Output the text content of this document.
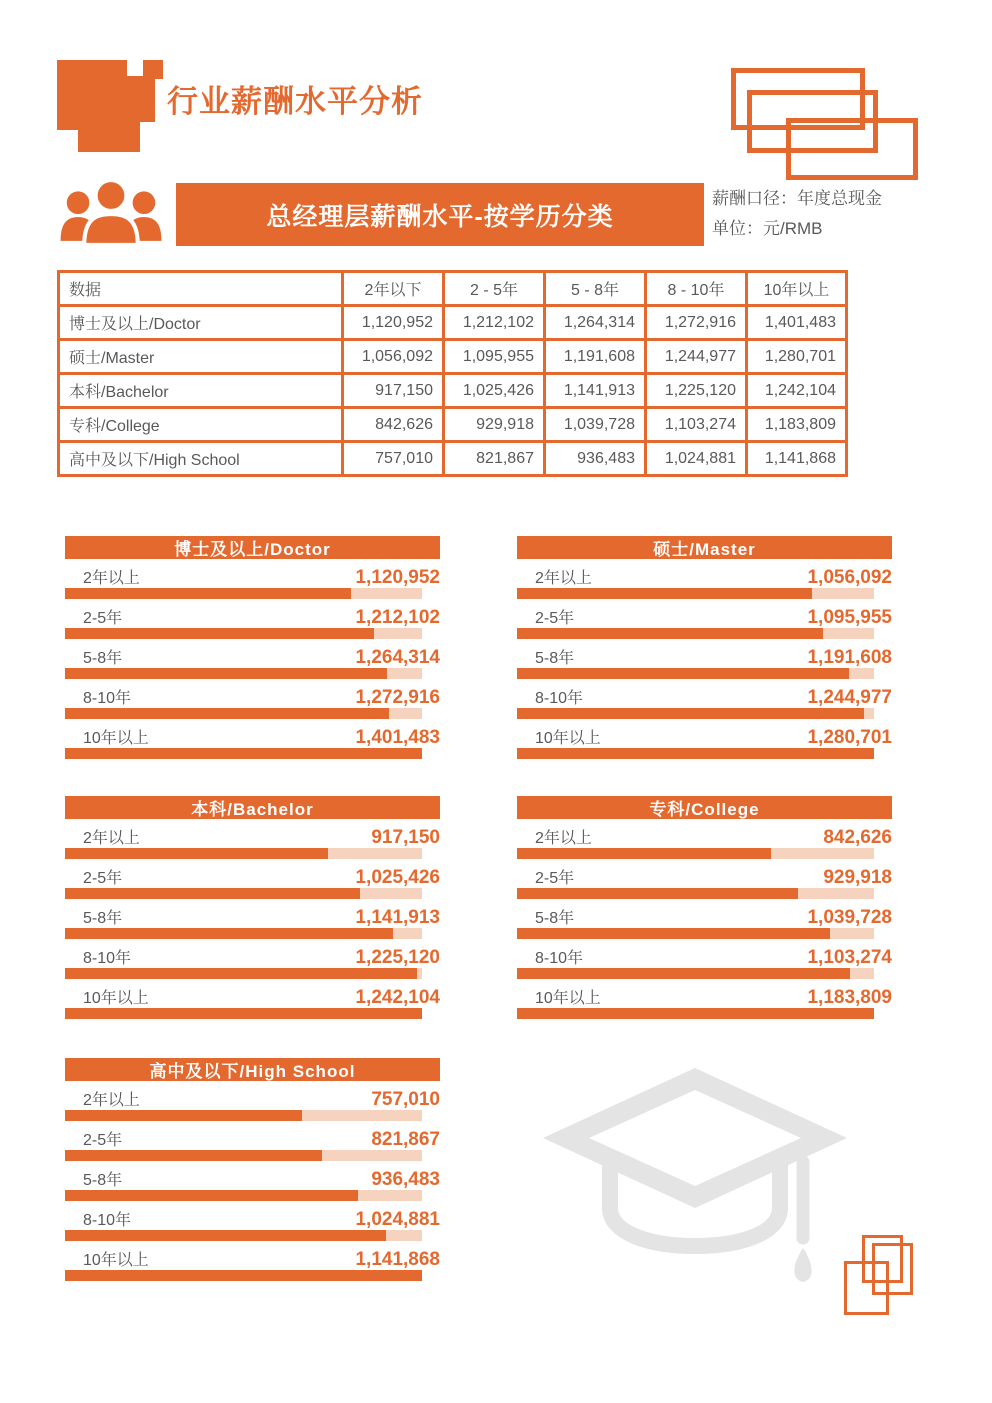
行业薪酬水平分析
总经理层薪酬水平-按学历分类
薪酬口径：年度总现金
单位：元/RMB
数据	2年以下	2 - 5年	5 - 8年	8 - 10年	10年以上
博士及以上/Doctor	1,120,952	1,212,102	1,264,314	1,272,916	1,401,483
硕士/Master	1,056,092	1,095,955	1,191,608	1,244,977	1,280,701
本科/Bachelor	917,150	1,025,426	1,141,913	1,225,120	1,242,104
专科/College	842,626	929,918	1,039,728	1,103,274	1,183,809
高中及以下/High School	757,010	821,867	936,483	1,024,881	1,141,868
博士及以上/Doctor
2年以上	1,120,952
2-5年	1,212,102
5-8年	1,264,314
8-10年	1,272,916
10年以上	1,401,483
硕士/Master
2年以上	1,056,092
2-5年	1,095,955
5-8年	1,191,608
8-10年	1,244,977
10年以上	1,280,701
本科/Bachelor
2年以上	917,150
2-5年	1,025,426
5-8年	1,141,913
8-10年	1,225,120
10年以上	1,242,104
专科/College
2年以上	842,626
2-5年	929,918
5-8年	1,039,728
8-10年	1,103,274
10年以上	1,183,809
高中及以下/High School
2年以上	757,010
2-5年	821,867
5-8年	936,483
8-10年	1,024,881
10年以上	1,141,868
